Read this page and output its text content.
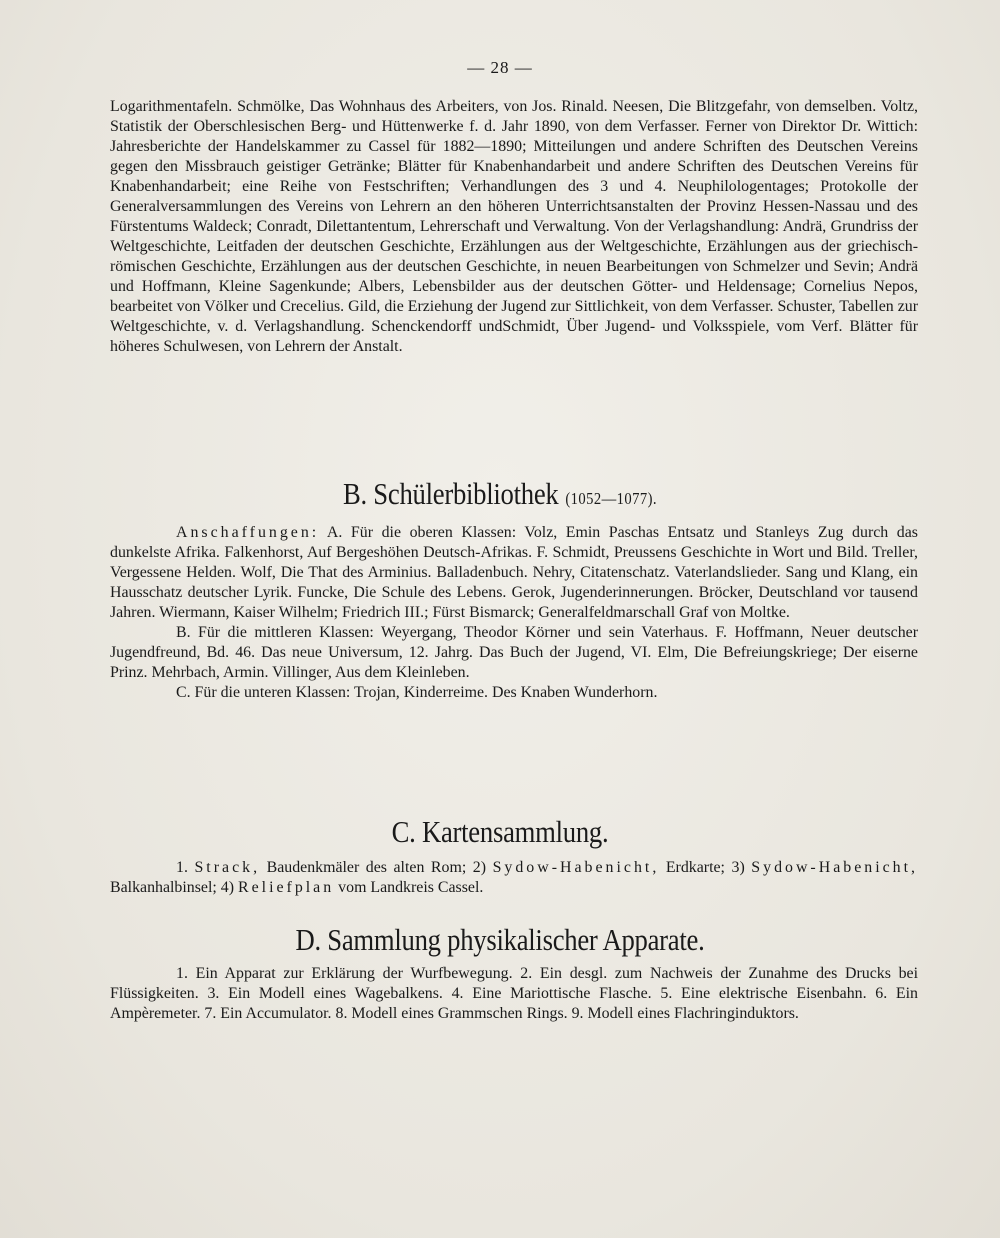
— 28 —

Logarithmentafeln. Schmölke, Das Wohnhaus des Arbeiters, von Jos. Rinald. Neesen, Die Blitzgefahr, von demselben. Voltz, Statistik der Oberschlesischen Berg- und Hüttenwerke f. d. Jahr 1890, von dem Verfasser. Ferner von Direktor Dr. Wittich: Jahresberichte der Handelskammer zu Cassel für 1882—1890; Mitteilungen und andere Schriften des Deutschen Vereins gegen den Missbrauch geistiger Getränke; Blätter für Knabenhandarbeit und andere Schriften des Deutschen Vereins für Knabenhandarbeit; eine Reihe von Festschriften; Verhandlungen des 3 und 4. Neuphilologentages; Protokolle der Generalversammlungen des Vereins von Lehrern an den höheren Unterrichtsanstalten der Provinz Hessen-Nassau und des Fürstentums Waldeck; Conradt, Dilettantentum, Lehrerschaft und Verwaltung. Von der Verlagshandlung: Andrä, Grundriss der Weltgeschichte, Leitfaden der deutschen Geschichte, Erzählungen aus der Weltgeschichte, Erzählungen aus der griechisch-römischen Geschichte, Erzählungen aus der deutschen Geschichte, in neuen Bearbeitungen von Schmelzer und Sevin; Andrä und Hoffmann, Kleine Sagenkunde; Albers, Lebensbilder aus der deutschen Götter- und Heldensage; Cornelius Nepos, bearbeitet von Völker und Crecelius. Gild, die Erziehung der Jugend zur Sittlichkeit, von dem Verfasser. Schuster, Tabellen zur Weltgeschichte, v. d. Verlagshandlung. Schenckendorff undSchmidt, Über Jugend- und Volksspiele, vom Verf. Blätter für höheres Schulwesen, von Lehrern der Anstalt.

B. Schülerbibliothek (1052—1077).

Anschaffungen: A. Für die oberen Klassen: Volz, Emin Paschas Entsatz und Stanleys Zug durch das dunkelste Afrika. Falkenhorst, Auf Bergeshöhen Deutsch-Afrikas. F. Schmidt, Preussens Geschichte in Wort und Bild. Treller, Vergessene Helden. Wolf, Die That des Arminius. Balladenbuch. Nehry, Citatenschatz. Vaterlandslieder. Sang und Klang, ein Hausschatz deutscher Lyrik. Funcke, Die Schule des Lebens. Gerok, Jugenderinnerungen. Bröcker, Deutschland vor tausend Jahren. Wiermann, Kaiser Wilhelm; Friedrich III.; Fürst Bismarck; Generalfeldmarschall Graf von Moltke.

B. Für die mittleren Klassen: Weyergang, Theodor Körner und sein Vaterhaus. F. Hoffmann, Neuer deutscher Jugendfreund, Bd. 46. Das neue Universum, 12. Jahrg. Das Buch der Jugend, VI. Elm, Die Befreiungskriege; Der eiserne Prinz. Mehrbach, Armin. Villinger, Aus dem Kleinleben.

C. Für die unteren Klassen: Trojan, Kinderreime. Des Knaben Wunderhorn.

C. Kartensammlung.

1. Strack, Baudenkmäler des alten Rom; 2) Sydow-Habenicht, Erdkarte; 3) Sydow-Habenicht, Balkanhalbinsel; 4) Reliefplan vom Landkreis Cassel.

D. Sammlung physikalischer Apparate.

1. Ein Apparat zur Erklärung der Wurfbewegung. 2. Ein desgl. zum Nachweis der Zunahme des Drucks bei Flüssigkeiten. 3. Ein Modell eines Wagebalkens. 4. Eine Mariottische Flasche. 5. Eine elektrische Eisenbahn. 6. Ein Ampèremeter. 7. Ein Accumulator. 8. Modell eines Grammschen Rings. 9. Modell eines Flachringinduktors.
